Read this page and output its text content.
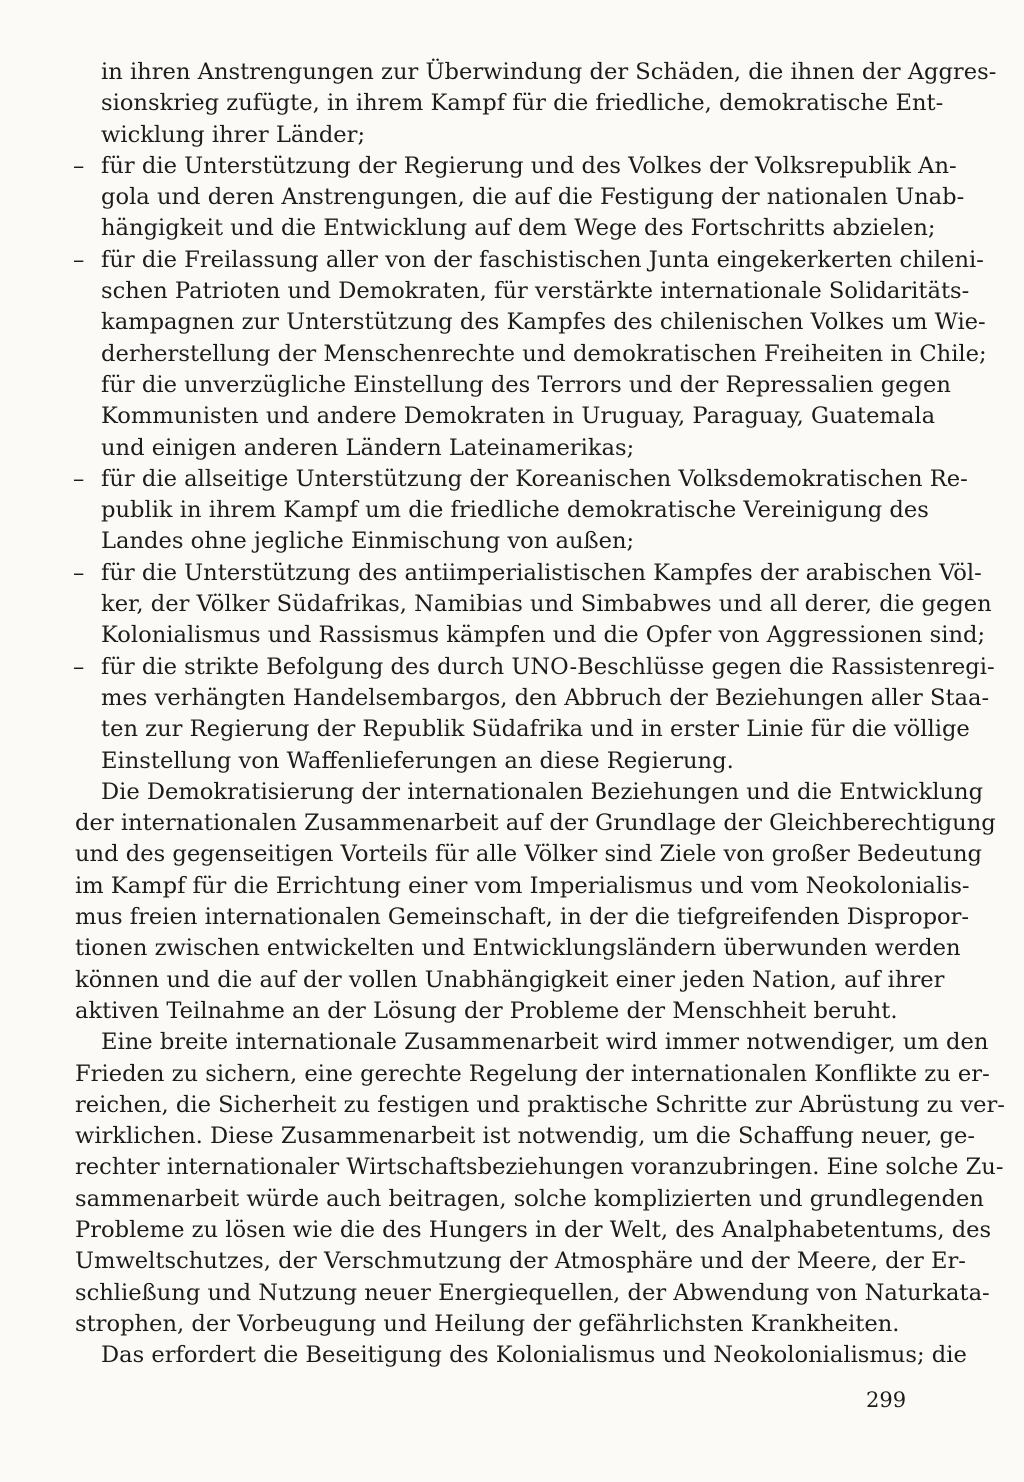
in ihren Anstrengungen zur Überwindung der Schäden, die ihnen der Aggres-
sionskrieg zufügte, in ihrem Kampf für die friedliche, demokratische Ent-
wicklung ihrer Länder;
– für die Unterstützung der Regierung und des Volkes der Volksrepublik An-
gola und deren Anstrengungen, die auf die Festigung der nationalen Unab-
hängigkeit und die Entwicklung auf dem Wege des Fortschritts abzielen;
– für die Freilassung aller von der faschistischen Junta eingekerkerten chileni-
schen Patrioten und Demokraten, für verstärkte internationale Solidaritäts-
kampagnen zur Unterstützung des Kampfes des chilenischen Volkes um Wie-
derherstellung der Menschenrechte und demokratischen Freiheiten in Chile;
für die unverzügliche Einstellung des Terrors und der Repressalien gegen
Kommunisten und andere Demokraten in Uruguay, Paraguay, Guatemala
und einigen anderen Ländern Lateinamerikas;
– für die allseitige Unterstützung der Koreanischen Volksdemokratischen Re-
publik in ihrem Kampf um die friedliche demokratische Vereinigung des
Landes ohne jegliche Einmischung von außen;
– für die Unterstützung des antiimperialistischen Kampfes der arabischen Völ-
ker, der Völker Südafrikas, Namibias und Simbabwes und all derer, die gegen
Kolonialismus und Rassismus kämpfen und die Opfer von Aggressionen sind;
– für die strikte Befolgung des durch UNO-Beschlüsse gegen die Rassistenregi-
mes verhängten Handelsembargos, den Abbruch der Beziehungen aller Staa-
ten zur Regierung der Republik Südafrika und in erster Linie für die völlige
Einstellung von Waffenlieferungen an diese Regierung.
Die Demokratisierung der internationalen Beziehungen und die Entwicklung
der internationalen Zusammenarbeit auf der Grundlage der Gleichberechtigung
und des gegenseitigen Vorteils für alle Völker sind Ziele von großer Bedeutung
im Kampf für die Errichtung einer vom Imperialismus und vom Neokolonialis-
mus freien internationalen Gemeinschaft, in der die tiefgreifenden Dispropor-
tionen zwischen entwickelten und Entwicklungsländern überwunden werden
können und die auf der vollen Unabhängigkeit einer jeden Nation, auf ihrer
aktiven Teilnahme an der Lösung der Probleme der Menschheit beruht.
Eine breite internationale Zusammenarbeit wird immer notwendiger, um den
Frieden zu sichern, eine gerechte Regelung der internationalen Konflikte zu er-
reichen, die Sicherheit zu festigen und praktische Schritte zur Abrüstung zu ver-
wirklichen. Diese Zusammenarbeit ist notwendig, um die Schaffung neuer, ge-
rechter internationaler Wirtschaftsbeziehungen voranzubringen. Eine solche Zu-
sammenarbeit würde auch beitragen, solche komplizierten und grundlegenden
Probleme zu lösen wie die des Hungers in der Welt, des Analphabetentums, des
Umweltschutzes, der Verschmutzung der Atmosphäre und der Meere, der Er-
schließung und Nutzung neuer Energiequellen, der Abwendung von Naturkata-
strophen, der Vorbeugung und Heilung der gefährlichsten Krankheiten.
Das erfordert die Beseitigung des Kolonialismus und Neokolonialismus; die
299
